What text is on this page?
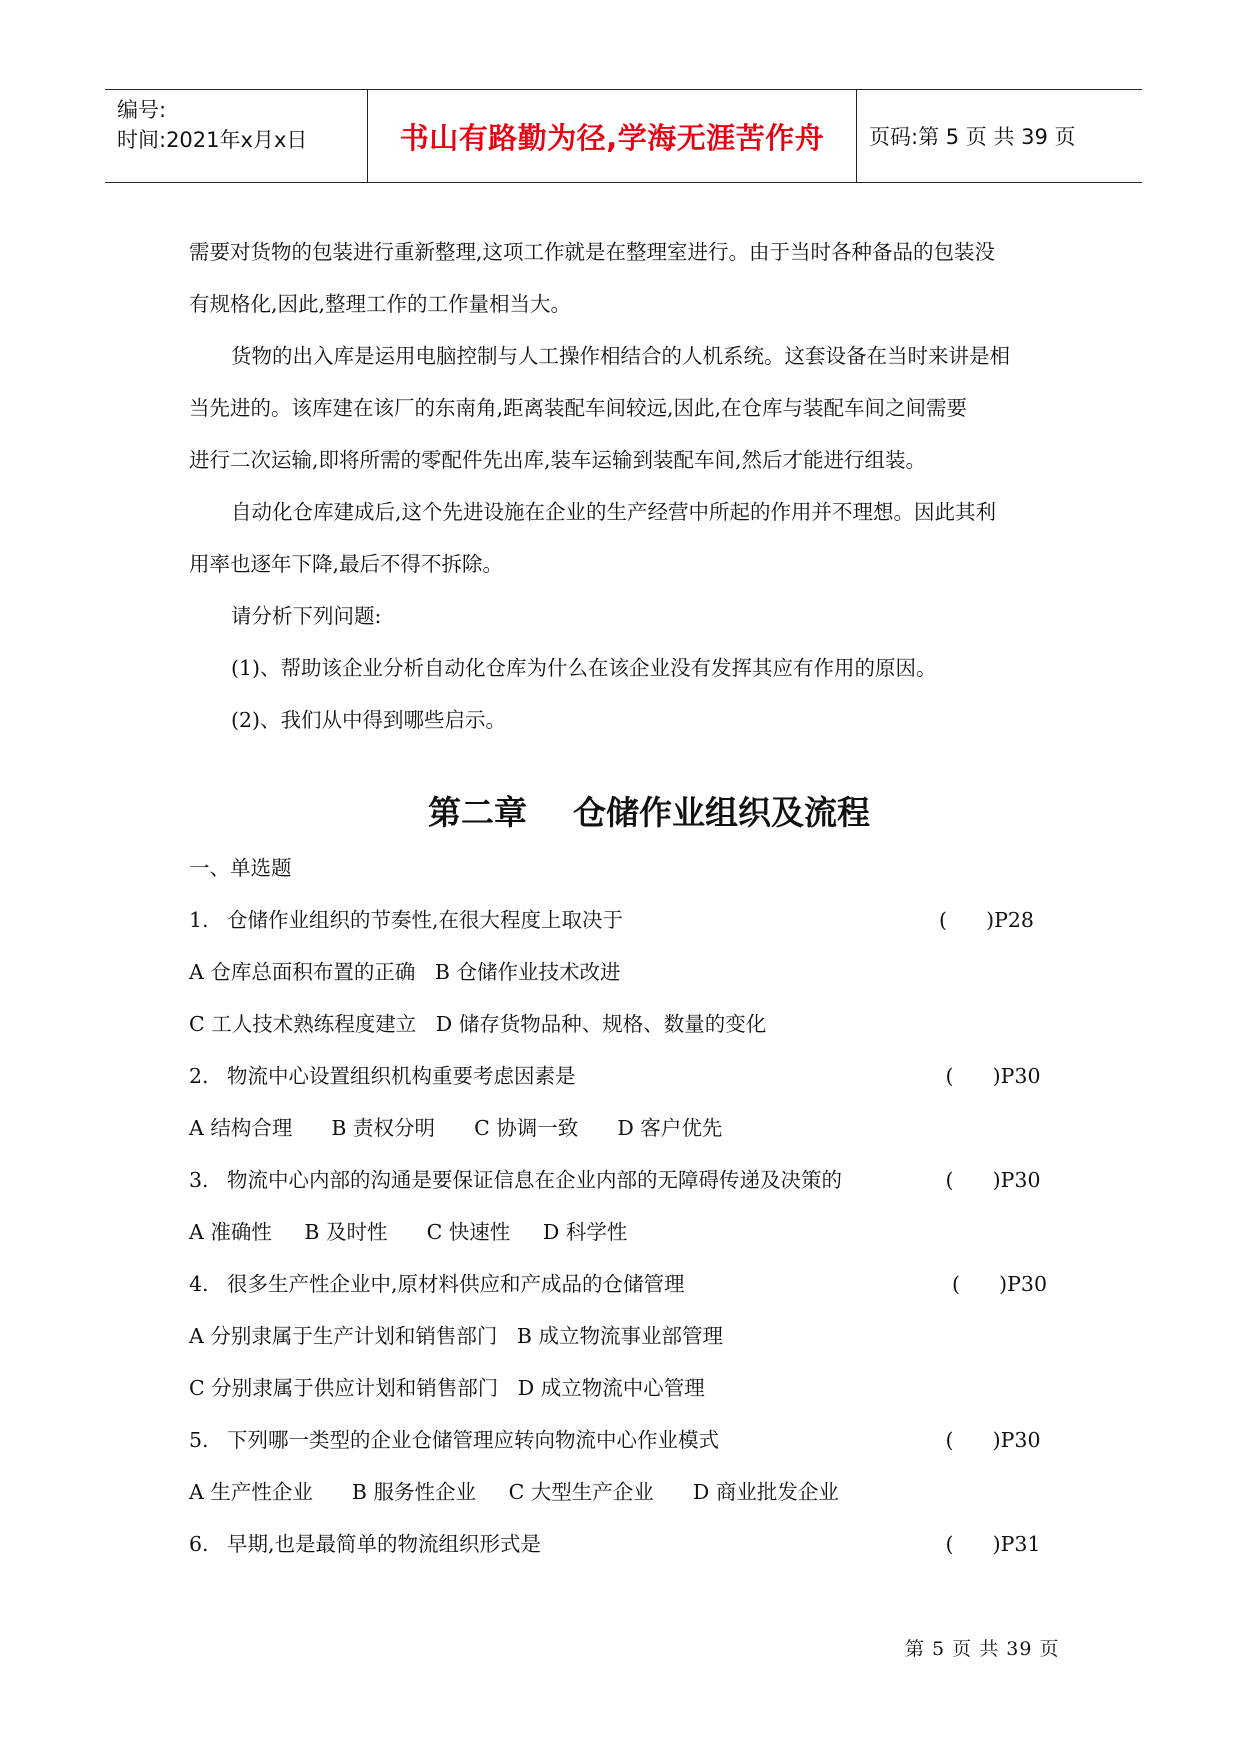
编号:
时间:2021年x月x日	书山有路勤为径,学海无涯苦作舟	页码:第 5 页 共 39 页
需要对货物的包装进行重新整理,这项工作就是在整理室进行。由于当时各种备品的包装没
有规格化,因此,整理工作的工作量相当大。
货物的出入库是运用电脑控制与人工操作相结合的人机系统。这套设备在当时来讲是相
当先进的。该库建在该厂的东南角,距离装配车间较远,因此,在仓库与装配车间之间需要
进行二次运输,即将所需的零配件先出库,装车运输到装配车间,然后才能进行组装。
自动化仓库建成后,这个先进设施在企业的生产经营中所起的作用并不理想。因此其利
用率也逐年下降,最后不得不拆除。
请分析下列问题:
(1)、帮助该企业分析自动化仓库为什么在该企业没有发挥其应有作用的原因。
(2)、我们从中得到哪些启示。
第二章    仓储作业组织及流程
一、单选题
1. 仓储作业组织的节奏性,在很大程度上取决于	(      )P28
A 仓库总面积布置的正确   B 仓储作业技术改进
C 工人技术熟练程度建立   D 储存货物品种、规格、数量的变化
2. 物流中心设置组织机构重要考虑因素是	(      )P30
A 结构合理      B 责权分明      C 协调一致      D 客户优先
3. 物流中心内部的沟通是要保证信息在企业内部的无障碍传递及决策的	(      )P30
A 准确性     B 及时性      C 快速性     D 科学性
4. 很多生产性企业中,原材料供应和产成品的仓储管理	(      )P30
A 分别隶属于生产计划和销售部门   B 成立物流事业部管理
C 分别隶属于供应计划和销售部门   D 成立物流中心管理
5. 下列哪一类型的企业仓储管理应转向物流中心作业模式	(      )P30
A 生产性企业      B 服务性企业     C 大型生产企业      D 商业批发企业
6. 早期,也是最简单的物流组织形式是	(      )P31
第 5 页 共 39 页
